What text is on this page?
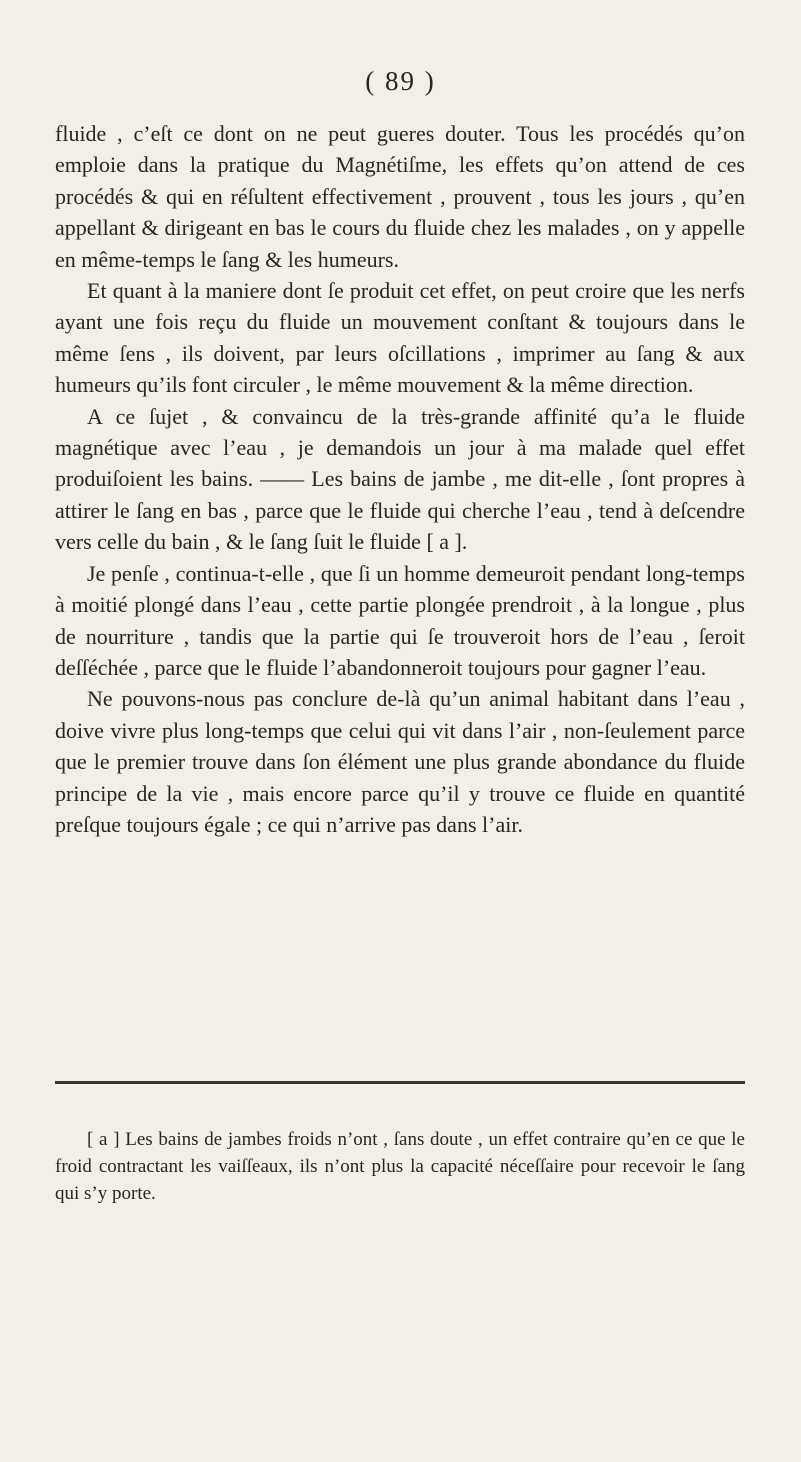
( 89 )

fluide , c’eſt ce dont on ne peut gueres douter. Tous les procédés qu’on emploie dans la pratique du Magnétiſme, les effets qu’on attend de ces procédés & qui en réſultent effectivement , prouvent , tous les jours , qu’en appellant & dirigeant en bas le cours du fluide chez les malades , on y appelle en même-temps le ſang & les humeurs.

Et quant à la maniere dont ſe produit cet effet, on peut croire que les nerfs ayant une fois reçu du fluide un mouvement conſtant & toujours dans le même ſens , ils doivent, par leurs oſcillations , imprimer au ſang & aux humeurs qu’ils font circuler , le même mouvement & la même direction.

A ce ſujet , & convaincu de la très-grande affinité qu’a le fluide magnétique avec l’eau , je demandois un jour à ma malade quel effet produiſoient les bains. —— Les bains de jambe , me dit-elle , ſont propres à attirer le ſang en bas , parce que le fluide qui cherche l’eau , tend à deſcendre vers celle du bain , & le ſang ſuit le fluide [ a ].

Je penſe , continua-t-elle , que ſi un homme demeuroit pendant long-temps à moitié plongé dans l’eau , cette partie plongée prendroit , à la longue , plus de nourriture , tandis que la partie qui ſe trouveroit hors de l’eau , ſeroit deſſéchée , parce que le fluide l’abandonneroit toujours pour gagner l’eau.

Ne pouvons-nous pas conclure de-là qu’un animal habitant dans l’eau , doive vivre plus long-temps que celui qui vit dans l’air , non-ſeulement parce que le premier trouve dans ſon élément une plus grande abondance du fluide principe de la vie , mais encore parce qu’il y trouve ce fluide en quantité preſque toujours égale ; ce qui n’arrive pas dans l’air.

[ a ] Les bains de jambes froids n’ont , ſans doute , un effet contraire qu’en ce que le froid contractant les vaiſſeaux, ils n’ont plus la capacité néceſſaire pour recevoir le ſang qui s’y porte.
